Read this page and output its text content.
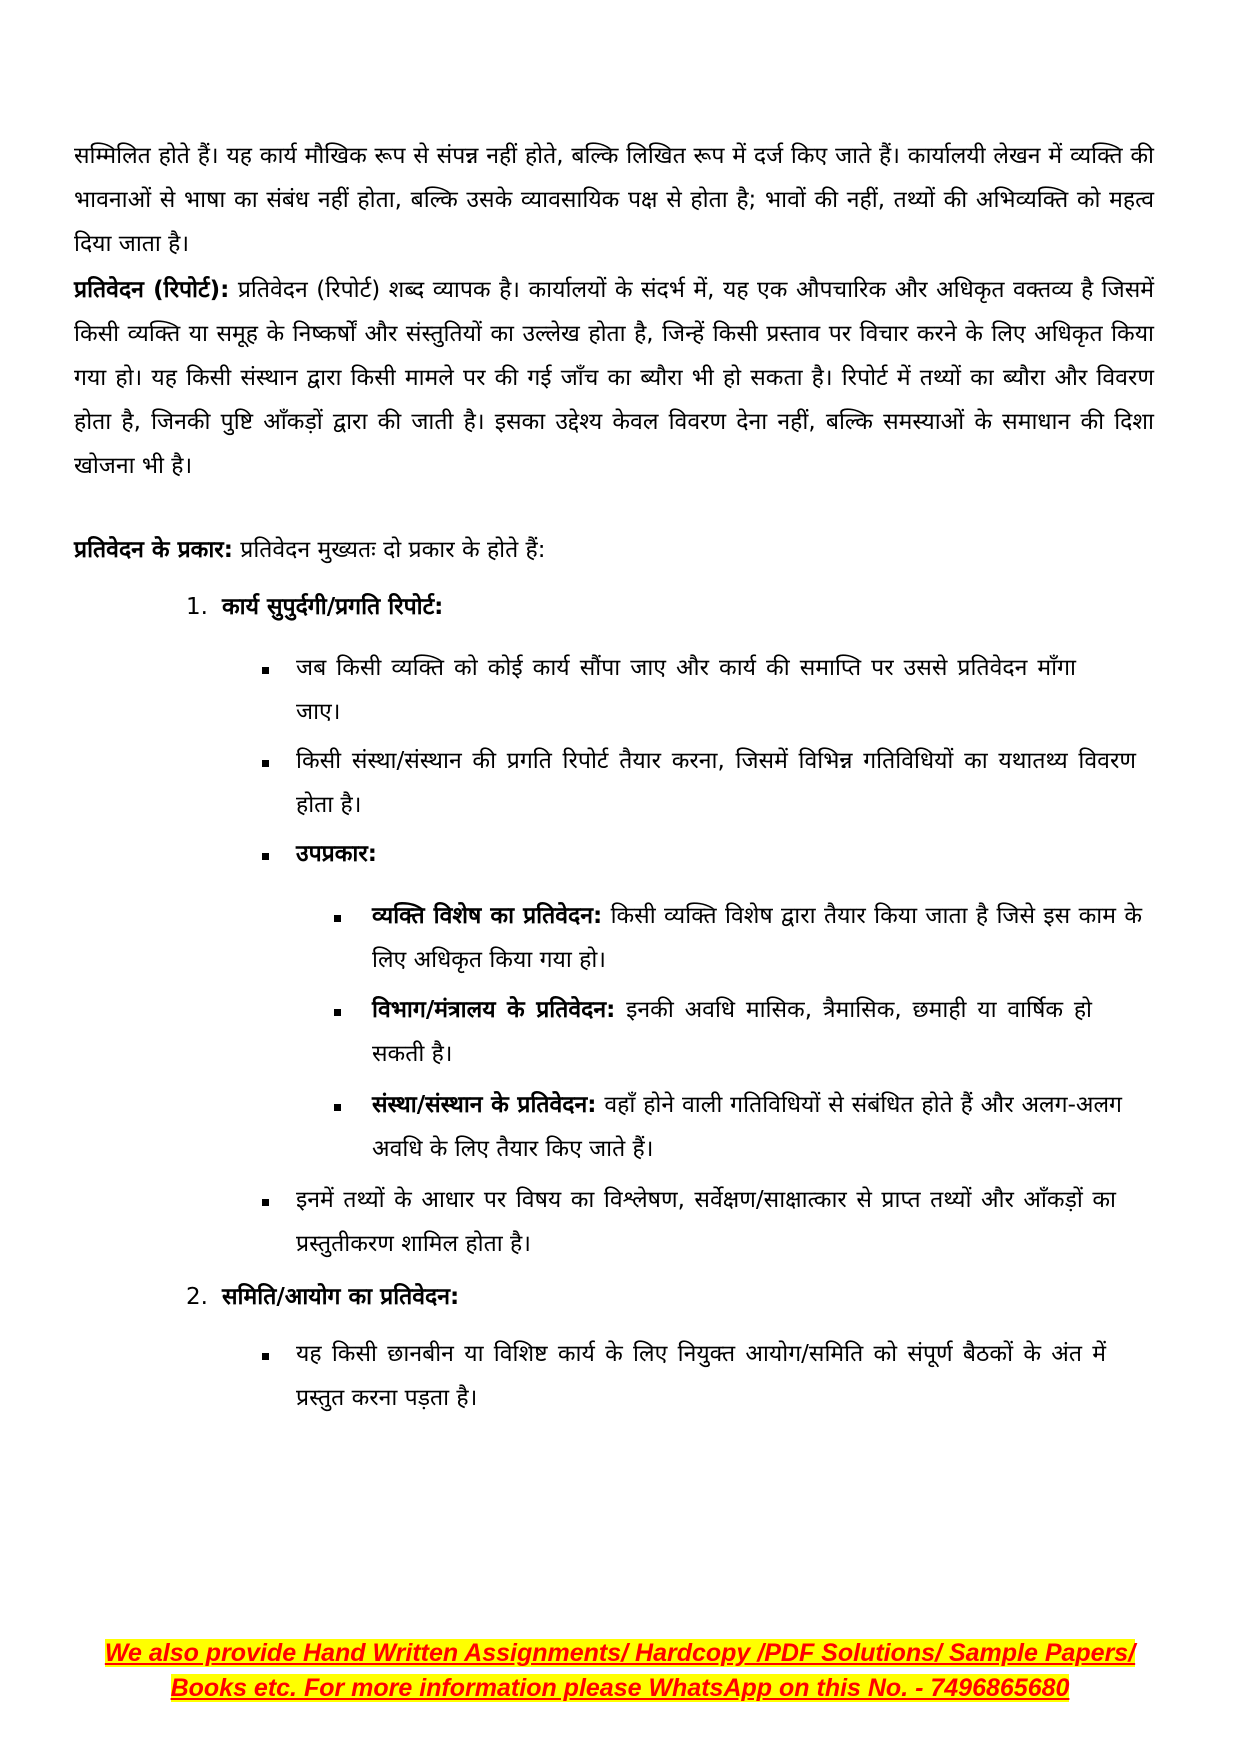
सम्मिलित होते हैं। यह कार्य मौखिक रूप से संपन्न नहीं होते, बल्कि लिखित रूप में दर्ज किए जाते हैं। कार्यालयी लेखन में व्यक्ति की भावनाओं से भाषा का संबंध नहीं होता, बल्कि उसके व्यावसायिक पक्ष से होता है; भावों की नहीं, तथ्यों की अभिव्यक्ति को महत्व दिया जाता है।

प्रतिवेदन (रिपोर्ट): प्रतिवेदन (रिपोर्ट) शब्द व्यापक है। कार्यालयों के संदर्भ में, यह एक औपचारिक और अधिकृत वक्तव्य है जिसमें किसी व्यक्ति या समूह के निष्कर्षों और संस्तुतियों का उल्लेख होता है, जिन्हें किसी प्रस्ताव पर विचार करने के लिए अधिकृत किया गया हो। यह किसी संस्थान द्वारा किसी मामले पर की गई जाँच का ब्यौरा भी हो सकता है। रिपोर्ट में तथ्यों का ब्यौरा और विवरण होता है, जिनकी पुष्टि आँकड़ों द्वारा की जाती है। इसका उद्देश्य केवल विवरण देना नहीं, बल्कि समस्याओं के समाधान की दिशा खोजना भी है।

प्रतिवेदन के प्रकार: प्रतिवेदन मुख्यतः दो प्रकार के होते हैं:

1. कार्य सुपुर्दगी/प्रगति रिपोर्ट:

जब किसी व्यक्ति को कोई कार्य सौंपा जाए और कार्य की समाप्ति पर उससे प्रतिवेदन माँगा जाए।

किसी संस्था/संस्थान की प्रगति रिपोर्ट तैयार करना, जिसमें विभिन्न गतिविधियों का यथातथ्य विवरण होता है।

उपप्रकार:

व्यक्ति विशेष का प्रतिवेदन: किसी व्यक्ति विशेष द्वारा तैयार किया जाता है जिसे इस काम के लिए अधिकृत किया गया हो।

विभाग/मंत्रालय के प्रतिवेदन: इनकी अवधि मासिक, त्रैमासिक, छमाही या वार्षिक हो सकती है।

संस्था/संस्थान के प्रतिवेदन: वहाँ होने वाली गतिविधियों से संबंधित होते हैं और अलग-अलग अवधि के लिए तैयार किए जाते हैं।

इनमें तथ्यों के आधार पर विषय का विश्लेषण, सर्वेक्षण/साक्षात्कार से प्राप्त तथ्यों और आँकड़ों का प्रस्तुतीकरण शामिल होता है।

2. समिति/आयोग का प्रतिवेदन:

यह किसी छानबीन या विशिष्ट कार्य के लिए नियुक्त आयोग/समिति को संपूर्ण बैठकों के अंत में प्रस्तुत करना पड़ता है।

We also provide Hand Written Assignments/ Hardcopy /PDF Solutions/ Sample Papers/
Books etc. For more information please WhatsApp on this No. - 7496865680
